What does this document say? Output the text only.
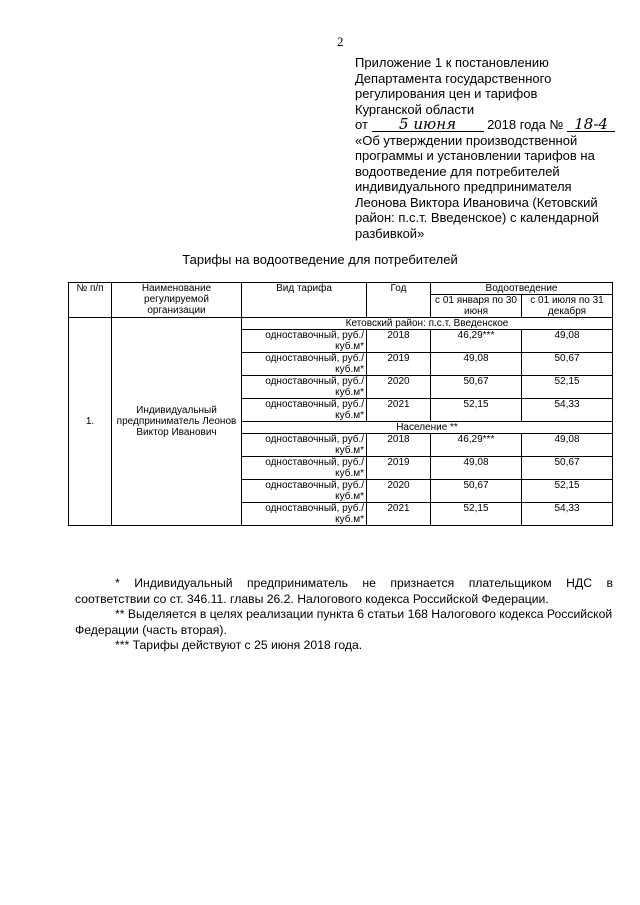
2
Приложение 1 к постановлению
Департамента государственного
регулирования цен и тарифов
Курганской области
от 5 июня 2018 года № 18-4
«Об утверждении производственной
программы и установлении тарифов на
водоотведение для потребителей
индивидуального предпринимателя
Леонова Виктора Ивановича (Кетовский
район: п.с.т. Введенское) с календарной
разбивкой»
Тарифы на водоотведение для потребителей
№ п/п	Наименование регулируемой организации	Вид тарифа	Год	Водоотведение	
				с 01 января по 30 июня	с 01 июля по 31 декабря
1.	Индивидуальный предприниматель Леонов Виктор Иванович	Кетовский район: п.с.т. Введенское			
		одноставочный, руб./куб.м*	2018	46,29***	49,08
		одноставочный, руб./куб.м*	2019	49,08	50,67
		одноставочный, руб./куб.м*	2020	50,67	52,15
		одноставочный, руб./куб.м*	2021	52,15	54,33
		Население **			
		одноставочный, руб./куб.м*	2018	46,29***	49,08
		одноставочный, руб./куб.м*	2019	49,08	50,67
		одноставочный, руб./куб.м*	2020	50,67	52,15
		одноставочный, руб./куб.м*	2021	52,15	54,33

* Индивидуальный предприниматель не признается плательщиком НДС в соответствии со ст. 346.11. главы 26.2. Налогового кодекса Российской Федерации.

** Выделяется в целях реализации пункта 6 статьи 168 Налогового кодекса Российской Федерации (часть вторая).

*** Тарифы действуют с 25 июня 2018 года.
